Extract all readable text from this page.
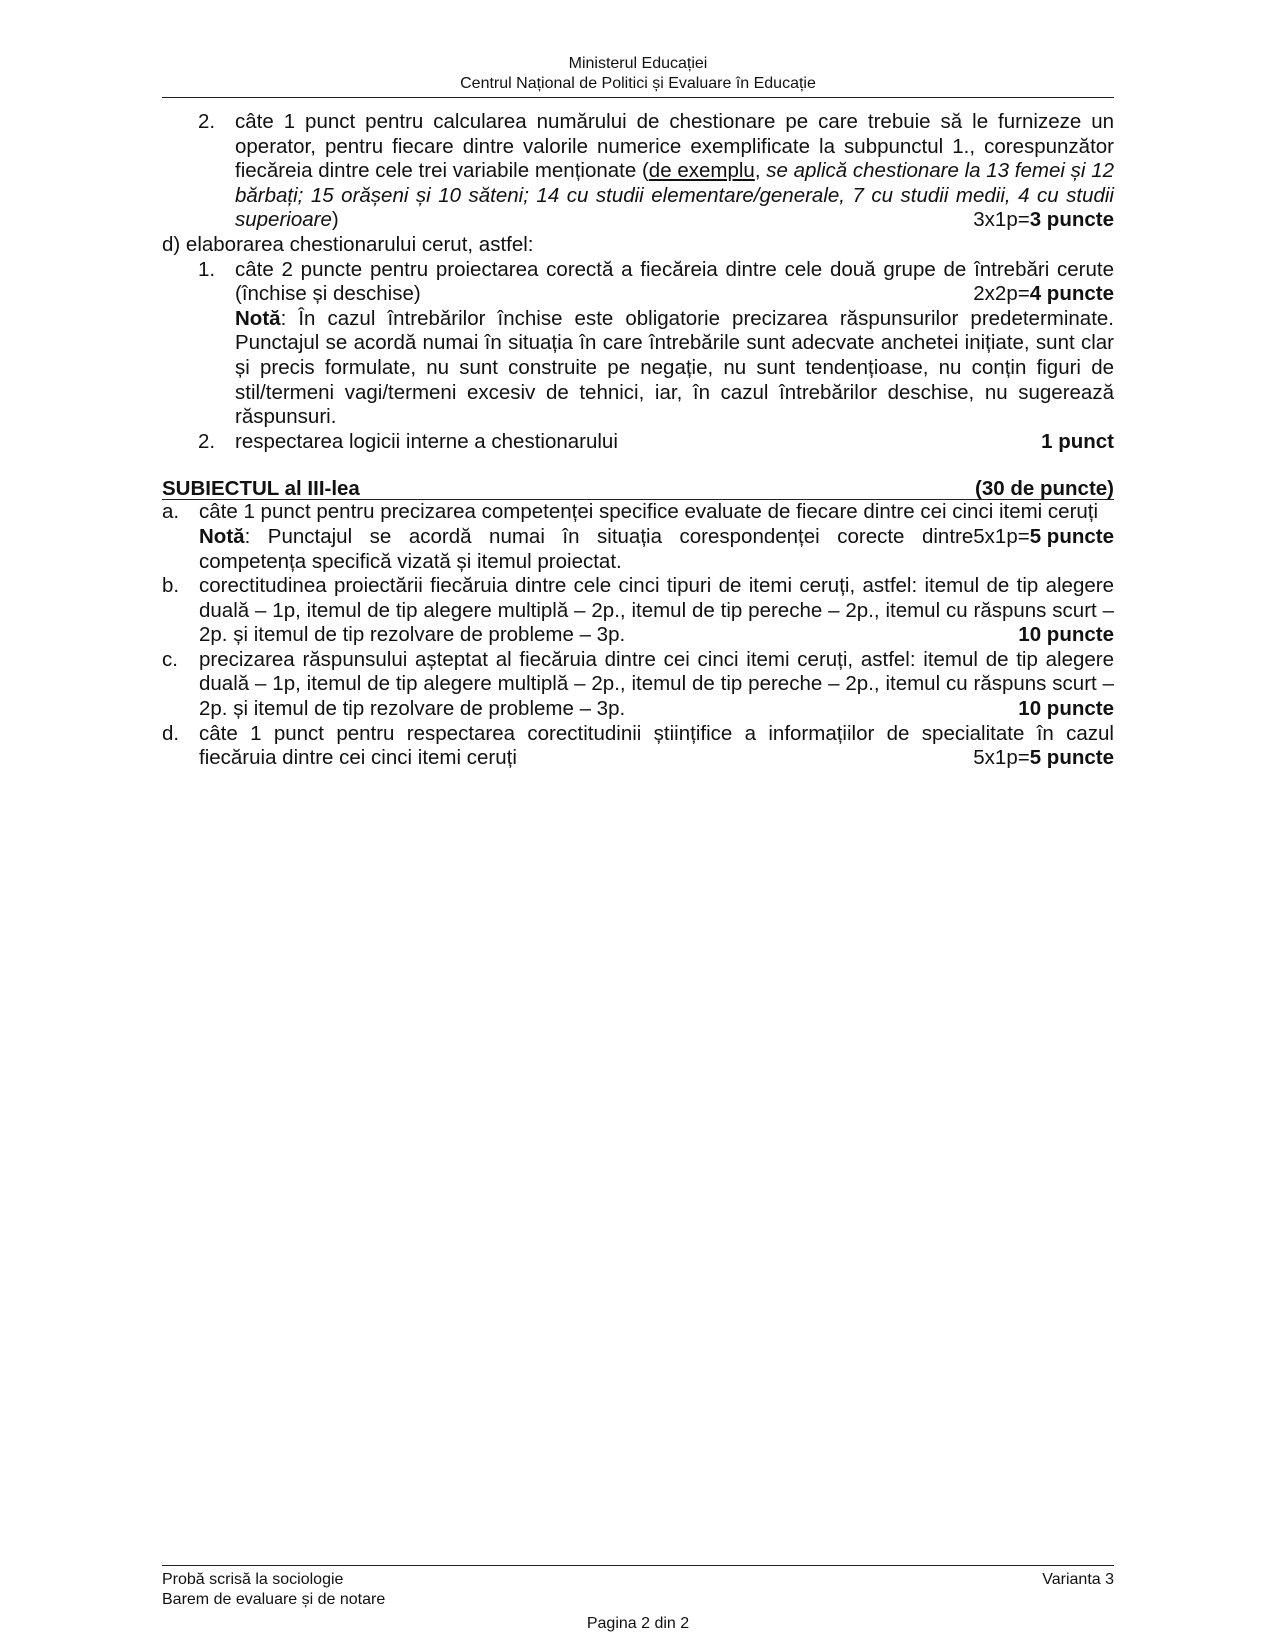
Ministerul Educației
Centrul Național de Politici și Evaluare în Educație
2. câte 1 punct pentru calcularea numărului de chestionare pe care trebuie să le furnizeze un operator, pentru fiecare dintre valorile numerice exemplificate la subpunctul 1., corespunzător fiecăreia dintre cele trei variabile menționate (de exemplu, se aplică chestionare la 13 femei și 12 bărbați; 15 orășeni și 10 săteni; 14 cu studii elementare/generale, 7 cu studii medii, 4 cu studii superioare)	3x1p=3 puncte
d) elaborarea chestionarului cerut, astfel:
1. câte 2 puncte pentru proiectarea corectă a fiecăreia dintre cele două grupe de întrebări cerute (închise și deschise)	2x2p=4 puncte
Notă: În cazul întrebărilor închise este obligatorie precizarea răspunsurilor predeterminate. Punctajul se acordă numai în situația în care întrebările sunt adecvate anchetei inițiate, sunt clar și precis formulate, nu sunt construite pe negație, nu sunt tendențioase, nu conțin figuri de stil/termeni vagi/termeni excesiv de tehnici, iar, în cazul întrebărilor deschise, nu sugerează răspunsuri.
2. respectarea logicii interne a chestionarului	1 punct
SUBIECTUL al III-lea	(30 de puncte)
a. câte 1 punct pentru precizarea competenței specifice evaluate de fiecare dintre cei cinci itemi ceruți
5x1p=5 puncte
Notă: Punctajul se acordă numai în situația corespondenței corecte dintre competența specifică vizată și itemul proiectat.
b. corectitudinea proiectării fiecăruia dintre cele cinci tipuri de itemi ceruți, astfel: itemul de tip alegere duală – 1p, itemul de tip alegere multiplă – 2p., itemul de tip pereche – 2p., itemul cu răspuns scurt – 2p. și itemul de tip rezolvare de probleme – 3p.	10 puncte
c. precizarea răspunsului așteptat al fiecăruia dintre cei cinci itemi ceruți, astfel: itemul de tip alegere duală – 1p, itemul de tip alegere multiplă – 2p., itemul de tip pereche – 2p., itemul cu răspuns scurt – 2p. și itemul de tip rezolvare de probleme – 3p.	10 puncte
d. câte 1 punct pentru respectarea corectitudinii științifice a informațiilor de specialitate în cazul fiecăruia dintre cei cinci itemi ceruți	5x1p=5 puncte
Probă scrisă la sociologie
Barem de evaluare și de notare
Varianta 3
Pagina 2 din 2
